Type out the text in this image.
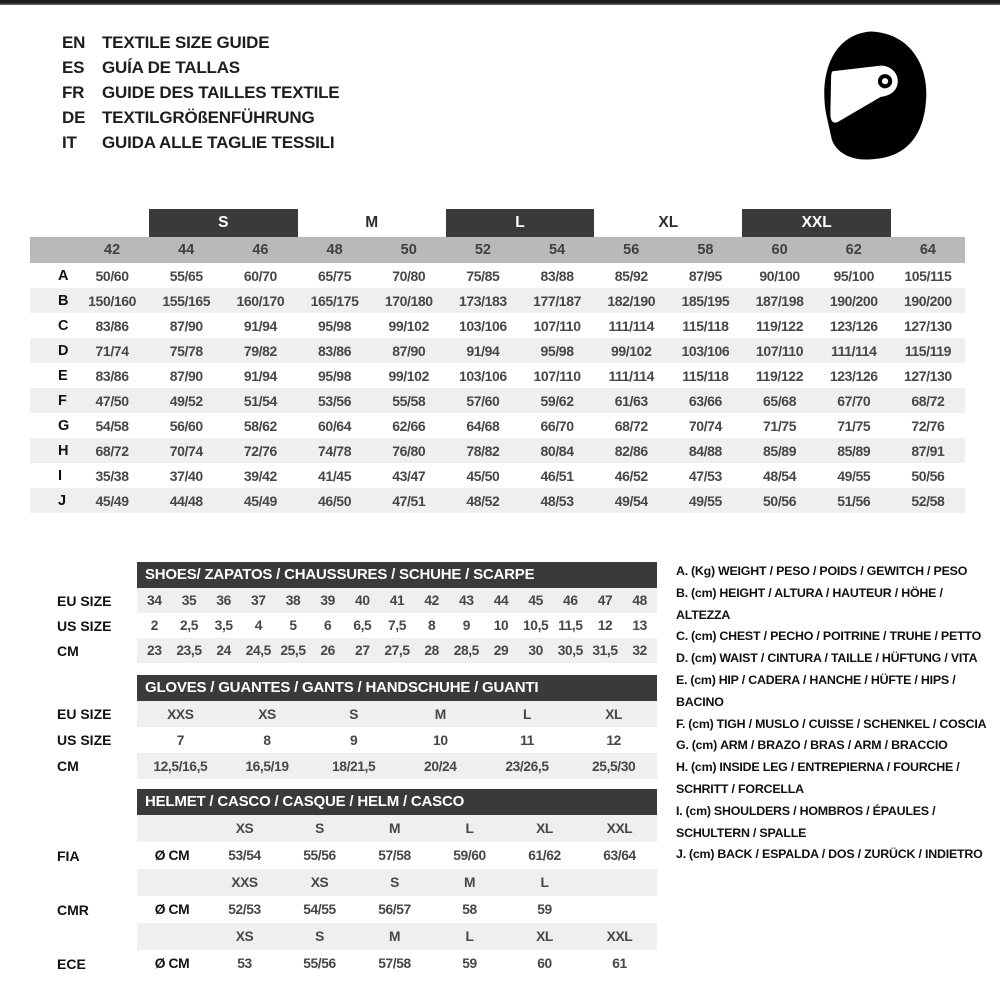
EN TEXTILE SIZE GUIDE
ES	GUÍA DE TALLAS
FR	GUIDE DES TAILLES TEXTILE
DE TEXTILGRÖßENFÜHRUNG
IT	GUIDA ALLE TAGLIE TESSILI
S	M	L	XL	XXL
42	44	46	48	50	52	54	56	58	60	62	64
A	50/60	55/65	60/70	65/75	70/80	75/85	83/88	85/92	87/95	90/100	95/100	105/115
B	150/160	155/165	160/170	165/175	170/180	173/183	177/187	182/190	185/195	187/198	190/200	190/200
C	83/86	87/90	91/94	95/98	99/102	103/106	107/110	111/114	115/118	119/122	123/126	127/130
D	71/74	75/78	79/82	83/86	87/90	91/94	95/98	99/102	103/106	107/110	111/114	115/119
E	83/86	87/90	91/94	95/98	99/102	103/106	107/110	111/114	115/118	119/122	123/126	127/130
F	47/50	49/52	51/54	53/56	55/58	57/60	59/62	61/63	63/66	65/68	67/70	68/72
G	54/58	56/60	58/62	60/64	62/66	64/68	66/70	68/72	70/74	71/75	71/75	72/76
H	68/72	70/74	72/76	74/78	76/80	78/82	80/84	82/86	84/88	85/89	85/89	87/91
I	35/38	37/40	39/42	41/45	43/47	45/50	46/51	46/52	47/53	48/54	49/55	50/56
J	45/49	44/48	45/49	46/50	47/51	48/52	48/53	49/54	49/55	50/56	51/56	52/58
SHOES/ ZAPATOS / CHAUSSURES / SCHUHE / SCARPE
EU SIZE	34	35	36	37	38	39	40	41	42	43	44	45	46	47	48
US SIZE	2	2,5	3,5	4	5	6	6,5	7,5	8	9	10	10,5 11,5	12	13
CM	23	23,5	24	24,5 25,5	26	27	27,5	28	28,5	29	30	30,5 31,5	32
GLOVES / GUANTES / GANTS / HANDSCHUHE / GUANTI
EU SIZE	XXS	XS	S	M	L	XL
US SIZE	7	8	9	10	11	12
CM	12,5/16,5	16,5/19	18/21,5	20/24	23/26,5	25,5/30
HELMET / CASCO / CASQUE / HELM / CASCO
XS	S	M	L	XL	XXL
FIA	Ø CM	53/54	55/56	57/58	59/60	61/62	63/64
XXS	XS	S	M	L
CMR	Ø CM	52/53	54/55	56/57	58	59
XS	S	M	L	XL	XXL
ECE	Ø CM	53	55/56	57/58	59	60	61
A. (Kg) WEIGHT / PESO / POIDS / GEWITCH / PESO
B. (cm) HEIGHT / ALTURA / HAUTEUR / HÖHE / ALTEZZA
C. (cm) CHEST / PECHO / POITRINE / TRUHE / PETTO
D. (cm) WAIST / CINTURA / TAILLE / HÜFTUNG / VITA
E. (cm) HIP / CADERA / HANCHE / HÜFTE / HIPS / BACINO
F. (cm) TIGH / MUSLO / CUISSE / SCHENKEL / COSCIA
G. (cm) ARM / BRAZO / BRAS / ARM / BRACCIO
H. (cm) INSIDE LEG / ENTREPIERNA / FOURCHE / SCHRITT / FORCELLA
I. (cm) SHOULDERS / HOMBROS / ÉPAULES / SCHULTERN / SPALLE
J. (cm) BACK / ESPALDA / DOS / ZURÜCK / INDIETRO
